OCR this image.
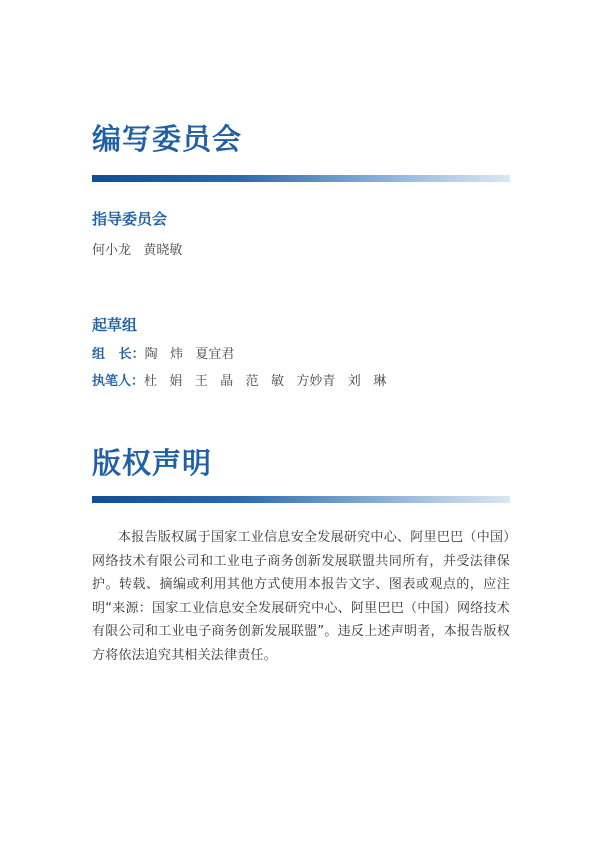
编写委员会
指导委员会

何小龙   黄晓敏

起草组

组   长：陶   炜   夏宜君

执笔人：杜   娟   王   晶   范   敏   方妙青   刘   琳

版权声明

本报告版权属于国家工业信息安全发展研究中心、阿里巴巴（中国）网络技术有限公司和工业电子商务创新发展联盟共同所有，并受法律保护。转载、摘编或利用其他方式使用本报告文字、图表或观点的，应注明“来源：国家工业信息安全发展研究中心、阿里巴巴（中国）网络技术有限公司和工业电子商务创新发展联盟”。违反上述声明者，本报告版权方将依法追究其相关法律责任。
